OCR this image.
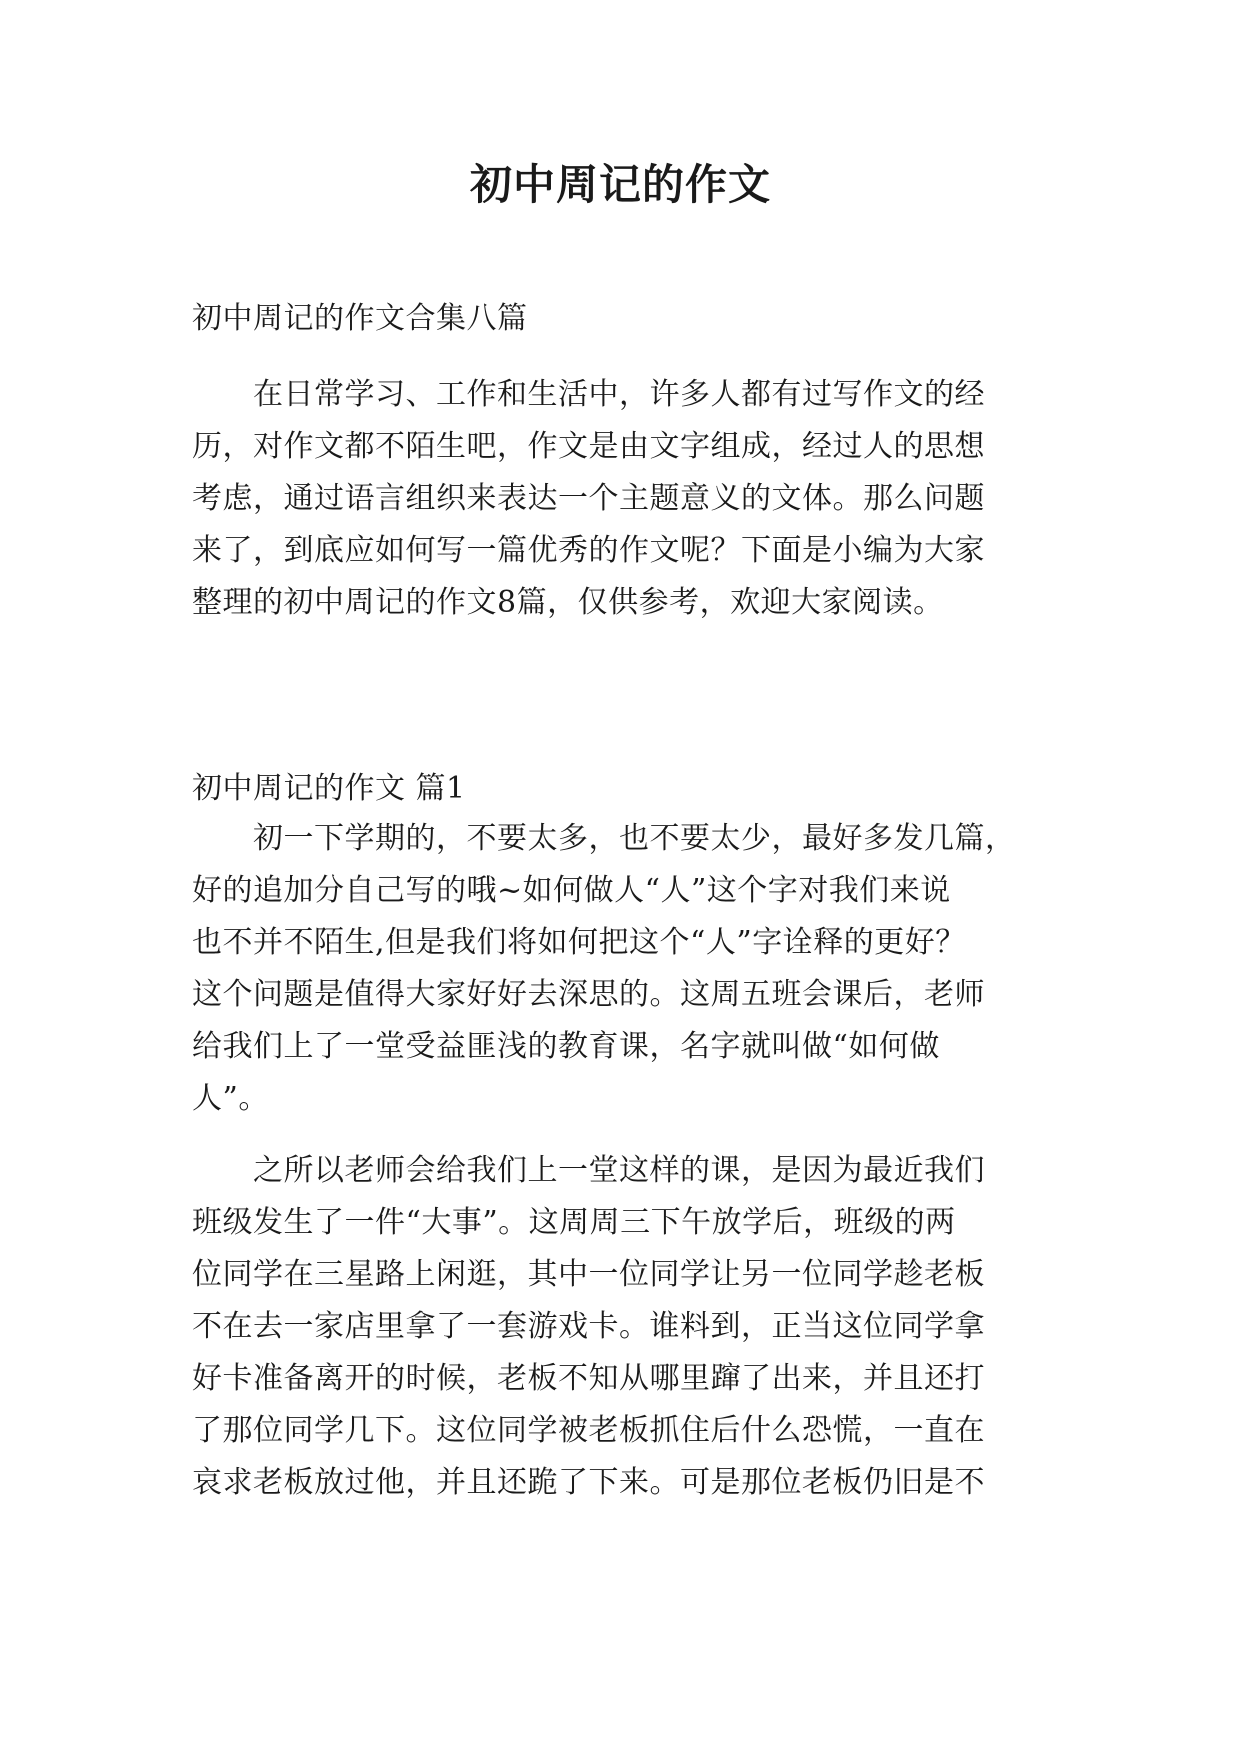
初中周记的作文
初中周记的作文合集八篇
　　在日常学习、工作和生活中，许多人都有过写作文的经
历，对作文都不陌生吧，作文是由文字组成，经过人的思想
考虑，通过语言组织来表达一个主题意义的文体。那么问题
来了，到底应如何写一篇优秀的作文呢？下面是小编为大家
整理的初中周记的作文8篇，仅供参考，欢迎大家阅读。
初中周记的作文 篇1
　　初一下学期的，不要太多，也不要太少，最好多发几篇，
好的追加分自己写的哦~如何做人“人”这个字对我们来说
也不并不陌生,但是我们将如何把这个“人”字诠释的更好？
这个问题是值得大家好好去深思的。这周五班会课后，老师
给我们上了一堂受益匪浅的教育课，名字就叫做“如何做
人”。
　　之所以老师会给我们上一堂这样的课，是因为最近我们
班级发生了一件“大事”。这周周三下午放学后，班级的两
位同学在三星路上闲逛，其中一位同学让另一位同学趁老板
不在去一家店里拿了一套游戏卡。谁料到，正当这位同学拿
好卡准备离开的时候，老板不知从哪里蹿了出来，并且还打
了那位同学几下。这位同学被老板抓住后什么恐慌，一直在
哀求老板放过他，并且还跪了下来。可是那位老板仍旧是不
